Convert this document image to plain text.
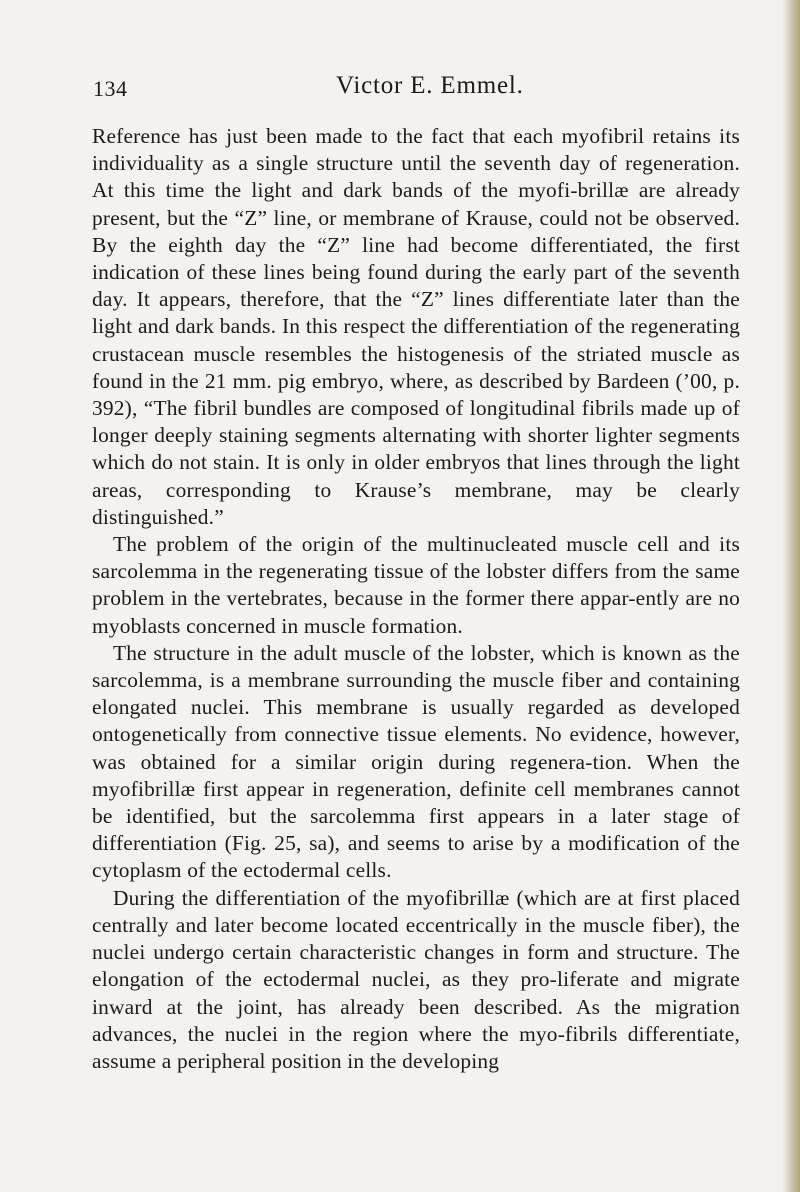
134	Victor E. Emmel.

Reference has just been made to the fact that each myofibril retains its individuality as a single structure until the seventh day of regeneration. At this time the light and dark bands of the myofi-brillæ are already present, but the “Z” line, or membrane of Krause, could not be observed. By the eighth day the “Z” line had become differentiated, the first indication of these lines being found during the early part of the seventh day. It appears, therefore, that the “Z” lines differentiate later than the light and dark bands. In this respect the differentiation of the regenerating crustacean muscle resembles the histogenesis of the striated muscle as found in the 21 mm. pig embryo, where, as described by Bardeen (’00, p. 392), “The fibril bundles are composed of longitudinal fibrils made up of longer deeply staining segments alternating with shorter lighter segments which do not stain. It is only in older embryos that lines through the light areas, corresponding to Krause’s membrane, may be clearly distinguished.”

The problem of the origin of the multinucleated muscle cell and its sarcolemma in the regenerating tissue of the lobster differs from the same problem in the vertebrates, because in the former there appar-ently are no myoblasts concerned in muscle formation.

The structure in the adult muscle of the lobster, which is known as the sarcolemma, is a membrane surrounding the muscle fiber and containing elongated nuclei. This membrane is usually regarded as developed ontogenetically from connective tissue elements. No evidence, however, was obtained for a similar origin during regenera-tion. When the myofibrillæ first appear in regeneration, definite cell membranes cannot be identified, but the sarcolemma first appears in a later stage of differentiation (Fig. 25, sa), and seems to arise by a modification of the cytoplasm of the ectodermal cells.

During the differentiation of the myofibrillæ (which are at first placed centrally and later become located eccentrically in the muscle fiber), the nuclei undergo certain characteristic changes in form and structure. The elongation of the ectodermal nuclei, as they pro-liferate and migrate inward at the joint, has already been described. As the migration advances, the nuclei in the region where the myo-fibrils differentiate, assume a peripheral position in the developing
